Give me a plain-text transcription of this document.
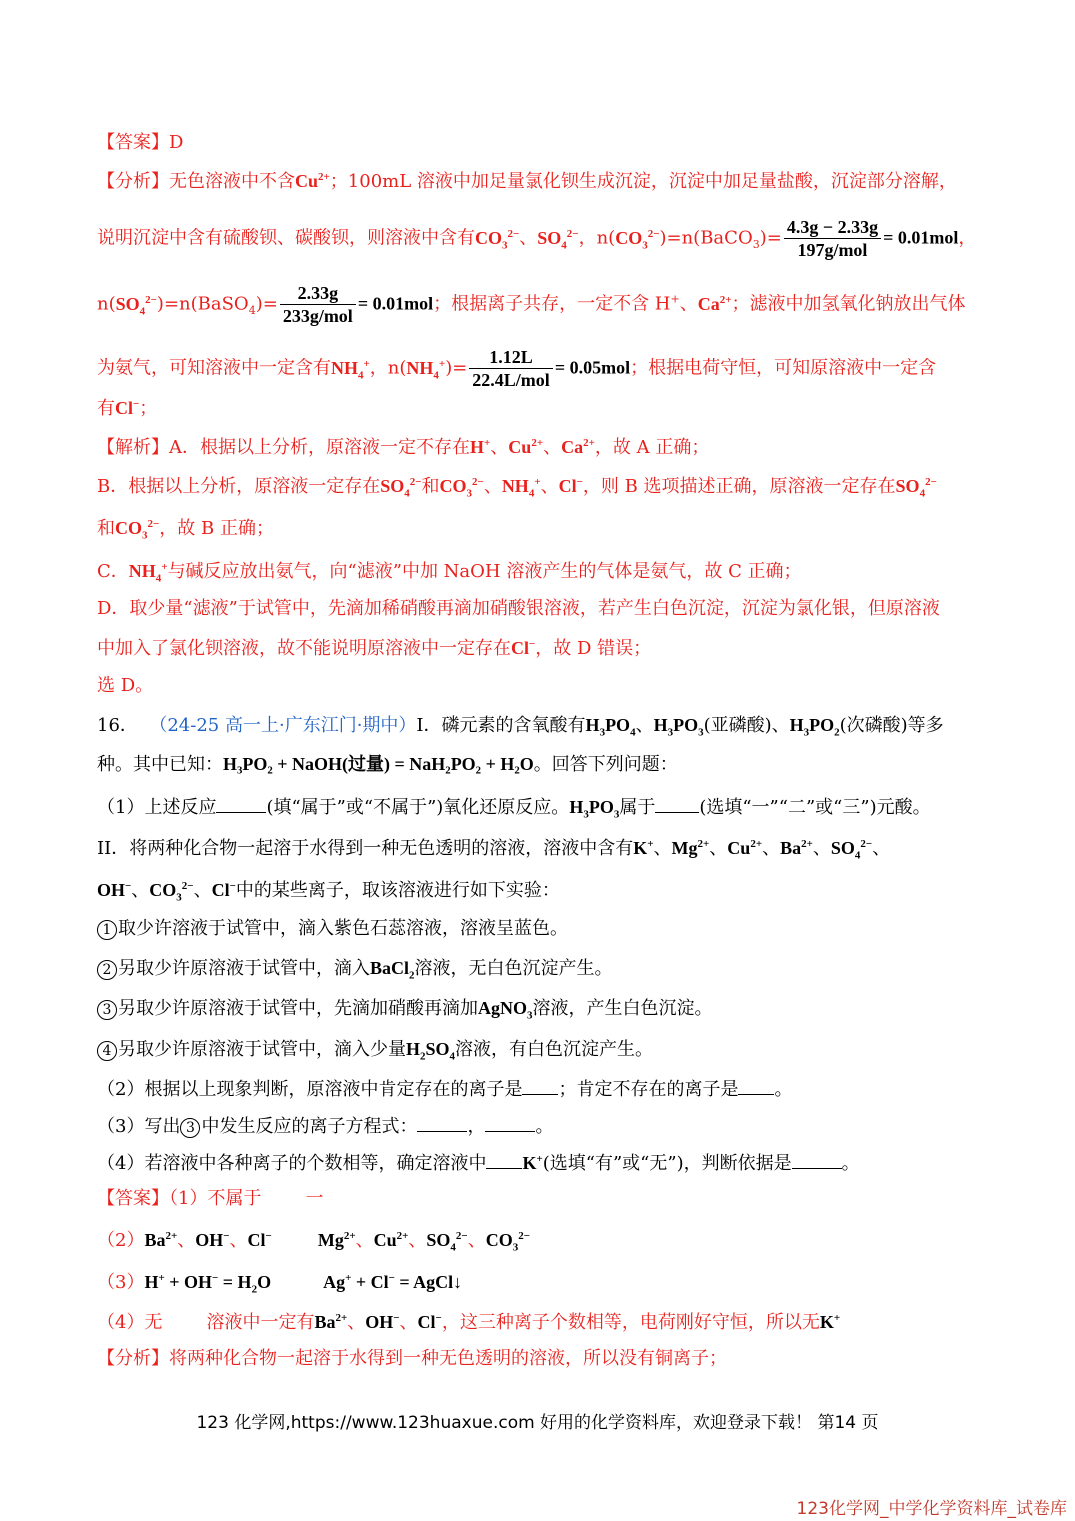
【答案】D
【分析】无色溶液中不含$Cu^{2+}$；100mL 溶液中加足量氯化钡生成沉淀，沉淀中加足量盐酸，沉淀部分溶解，
说明沉淀中含有硫酸钡、碳酸钡，则溶液中含有$CO_3^{2-}$、$SO_4^{2-}$，$n(CO_3^{2-})=n(BaCO_3)= \frac{4.3g - 2.33g}{\text{197g/mol}} = 0.01mol$，
$n(SO_4^{2-})=n(BaSO_4)= \frac{2.33g}{\text{233g/mol}} = 0.01mol$；根据离子共存，一定不含 H+、$Ca^{2+}$；滤液中加氢氧化钠放出气体
为氨气，可知溶液中一定含有$NH_4^+$，$n(NH_4^+)= \frac{1.12L}{\text{22.4L/mol}} = 0.05mol$；根据电荷守恒，可知原溶液中一定含
有Cl−；
【解析】A．根据以上分析，原溶液一定不存在H+、$Cu^{2+}$、$Ca^{2+}$，故 A 正确；
B．根据以上分析，原溶液一定存在$SO_4^{2-}$和$CO_3^{2-}$、$NH_4^+$、Cl−，则 B 选项描述正确，原溶液一定存在$SO_4^{2-}$
和$CO_3^{2-}$，故 B 正确；
C．$NH_4^+$与碱反应放出氨气，向“滤液”中加 NaOH 溶液产生的气体是氨气，故 C 正确；
D．取少量“滤液”于试管中，先滴加稀硝酸再滴加硝酸银溶液，若产生白色沉淀，沉淀为氯化银，但原溶液
中加入了氯化钡溶液，故不能说明原溶液中一定存在Cl−，故 D 错误；
选 D。
16． （24-25 高一上·广东江门·期中）I．磷元素的含氧酸有$H_3PO_4$、$H_3PO_3$(亚磷酸)、$H_3PO_2$(次磷酸)等多
种。其中已知：H₃PO₂ + NaOH(过量) = NaH₂PO₂ + H₂O。回答下列问题：
（1）上述反应	(填“属于”或“不属于”)氧化还原反应。$H_3PO_3$属于 (选填“一”“二”或“三”)元酸。
II．将两种化合物一起溶于水得到一种无色透明的溶液，溶液中含有K+、$Mg^{2+}$、$Cu^{2+}$、$Ba^{2+}$、$SO_4^{2-}$、
OH−、$CO_3^{2-}$、Cl−中的某些离子，取该溶液进行如下实验：
1 取少许溶液于试管中，滴入紫色石蕊溶液，溶液呈蓝色。
2 另取少许原溶液于试管中，滴入BaCl$_2$溶液，无白色沉淀产生。
3 另取少许原溶液于试管中，先滴加硝酸再滴加AgNO$_3$溶液，产生白色沉淀。
4 另取少许原溶液于试管中，滴入少量$H_2SO_4$溶液，有白色沉淀产生。
（2）根据以上现象判断，原溶液中肯定存在的离子是 ；肯定不存在的离子是 。
（3）写出 3 中发生反应的离子方程式：	，	。
（4）若溶液中各种离子的个数相等，确定溶液中 K+(选填“有”或“无”)，判断依据是	。
【答案】（1）不属于 一
$(2)Ba^{2+}$、OH−、Cl−	$Mg^{2+}$、$Cu^{2+}$、$SO_4^{2-}$、$CO_3^{2-}$
$(3)H^+ + OH^- = H_2O$	Ag+ + Cl− = AgCl↓
（4）无 溶液中一定有$Ba^{2+}$、OH−、Cl−，这三种离子个数相等，电荷刚好守恒，所以无K+
【分析】将两种化合物一起溶于水得到一种无色透明的溶液，所以没有铜离子；
123 化学网,https://www.123huaxue.com 好用的化学资料库，欢迎登录下载！ 第14 页
123化学网_中学化学资料库_试卷库
